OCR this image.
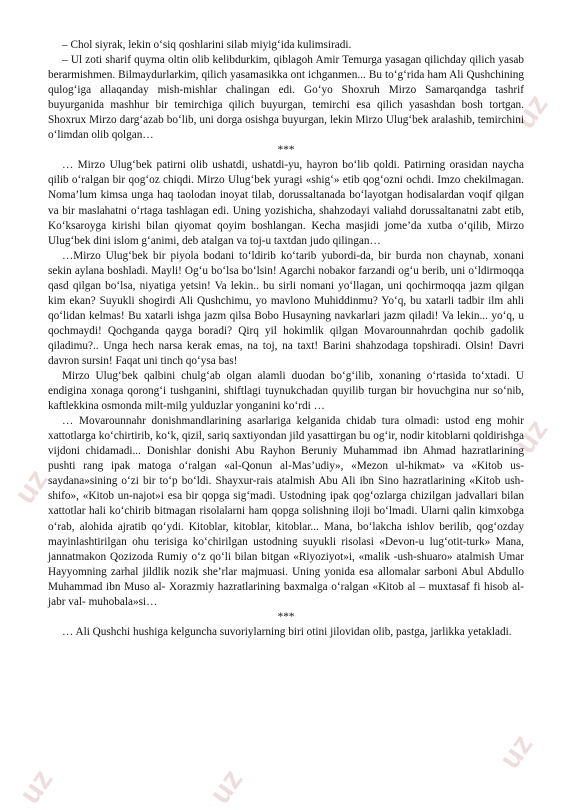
uz
uz
uz
uz	uz
uz

– Chol siyrak, lekin o‘siq qoshlarini silab miyig‘ida kulimsiradi.

– Ul zoti sharif quyma oltin olib kelibdurkim, qiblagoh Amir Temurga yasagan qilichday qilich yasab berarmishmen. Bilmaydurlarkim, qilich yasamasikka ont ichganmen... Bu to‘g‘rida ham Ali Qushchining qulog‘iga allaqanday mish-mishlar chalingan edi. Go‘yo Shoxruh Mirzo Samarqandga tashrif buyurganida mashhur bir temirchiga qilich buyurgan, temirchi esa qilich yasashdan bosh tortgan. Shoxrux Mirzo darg‘azab bo‘lib, uni dorga osishga buyurgan, lekin Mirzo Ulug‘bek aralashib, temirchini o‘limdan olib qolgan…

***

… Mirzo Ulug‘bek patirni olib ushatdi, ushatdi-yu, hayron bo‘lib qoldi. Patirning orasidan naycha qilib o‘ralgan bir qog‘oz chiqdi. Mirzo Ulug‘bek yuragi «shig‘» etib qog‘ozni ochdi. Imzo chekilmagan. Noma’lum kimsa unga haq taolodan inoyat tilab, dorussaltanada bo‘layotgan hodisalardan voqif qilgan va bir maslahatni o‘rtaga tashlagan edi. Uning yozishicha, shahzodayi valiahd dorussaltanatni zabt etib, Ko‘ksaroyga kirishi bilan qiyomat qoyim boshlangan. Kecha masjidi jome’da xutba o‘qilib, Mirzo Ulug‘bek dini islom g‘animi, deb atalgan va toj-u taxtdan judo qilingan…

…Mirzo Ulug‘bek bir piyola bodani to‘ldirib ko‘tarib yubordi-da, bir burda non chaynab, xonani sekin aylana boshladi. Mayli! Og‘u bo‘lsa bo‘lsin! Agarchi nobakor farzandi og‘u berib, uni o‘ldirmoqqa qasd qilgan bo‘lsa, niyatiga yetsin! Va lekin.. bu sirli nomani yo‘llagan, uni qochirmoqqa jazm qilgan kim ekan? Suyukli shogirdi Ali Qushchimu, yo mavlono Muhiddinmu? Yo‘q, bu xatarli tadbir ilm ahli qo‘lidan kelmas! Bu xatarli ishga jazm qilsa Bobo Husayning navkarlari jazm qiladi! Va lekin... yo‘q, u qochmaydi! Qochganda qayga boradi? Qirq yil hokimlik qilgan Movarounnahrdan qochib gadolik qiladimu?.. Unga hech narsa kerak emas, na toj, na taxt! Barini shahzodaga topshiradi. Olsin! Davri davron sursin! Faqat uni tinch qo‘ysa bas!

Mirzo Ulug‘bek qalbini chulg‘ab olgan alamli duodan bo‘g‘ilib, xonaning o‘rtasida to‘xtadi. U endigina xonaga qorong‘i tushganini, shiftlagi tuynukchadan quyilib turgan bir hovuchgina nur so‘nib, kaftlekkina osmonda milt-milg yulduzlar yonganini ko‘rdi …

… Movarounnahr donishmandlarining asarlariga kelganida chidab tura olmadi: ustod eng mohir xattotlarga ko‘chirtirib, ko‘k, qizil, sariq saxtiyondan jild yasattirgan bu og‘ir, nodir kitoblarni qoldirishga vijdoni chidamadi... Donishlar donishi Abu Rayhon Beruniy Muhammad ibn Ahmad hazratlarining pushti rang ipak matoga o‘ralgan «al-Qonun al-Mas’udiy», «Mezon ul-hikmat» va «Kitob us-saydana»sining o‘zi bir to‘p bo‘ldi. Shayxur-rais atalmish Abu Ali ibn Sino hazratlarining «Kitob ush-shifo», «Kitob un-najot»i esa bir qopga sig‘madi. Ustodning ipak qog‘ozlarga chizilgan jadvallari bilan xattotlar hali ko‘chirib bitmagan risolalarni ham qopga solishning iloji bo‘lmadi. Ularni qalin kimxobga o‘rab, alohida ajratib qo‘ydi. Kitoblar, kitoblar, kitoblar... Mana, bo‘lakcha ishlov berilib, qog‘ozday mayinlashtirilgan ohu terisiga ko‘chirilgan ustodning suyukli risolasi «Devon-u lug‘otit-turk» Mana, jannatmakon Qozizoda Rumiy o‘z qo‘li bilan bitgan «Riyoziyot»i, «malik -ush-shuaro» atalmish Umar Hayyomning zarhal jildlik nozik she’rlar majmuasi. Uning yonida esa allomalar sarboni Abul Abdullo Muhammad ibn Muso al- Xorazmiy hazratlarining baxmalga o‘ralgan «Kitob al – muxtasaf fi hisob al-jabr val- muhobala»si…

***

… Ali Qushchi hushiga kelguncha suvoriylarning biri otini jilovidan olib, pastga, jarlikka yetakladi.
